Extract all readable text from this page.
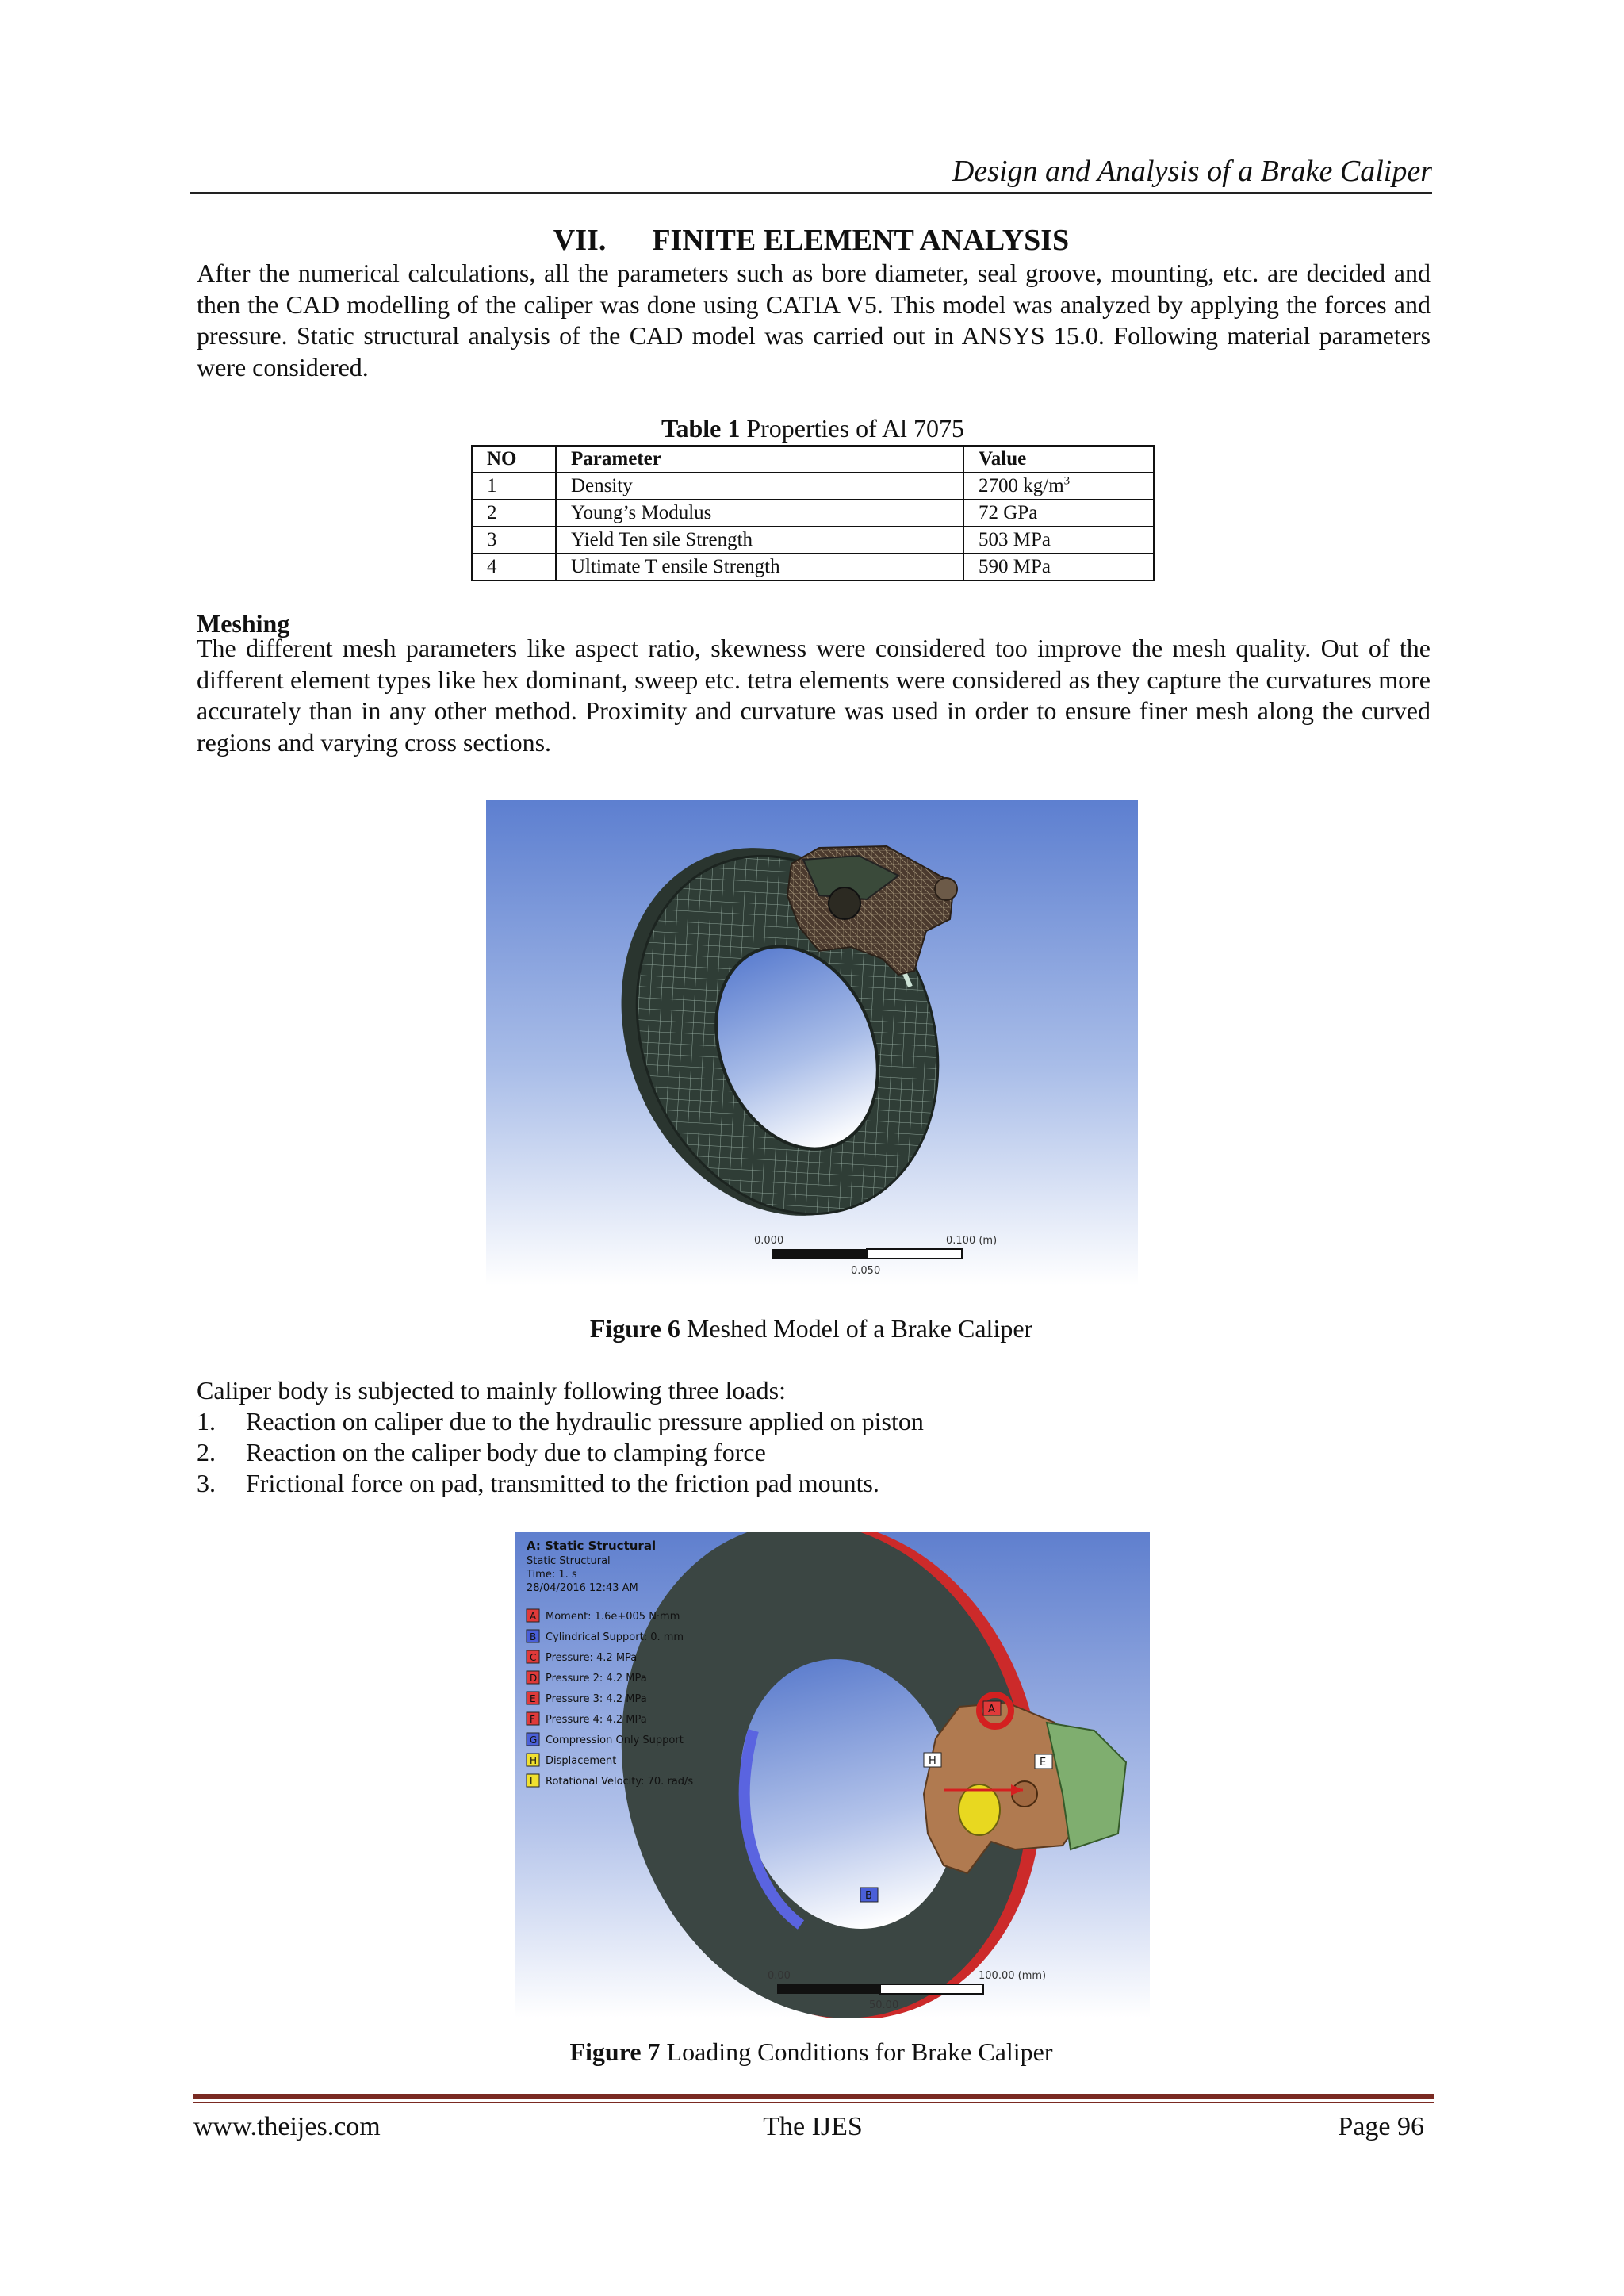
Design and Analysis of a Brake Caliper
VII. FINITE ELEMENT ANALYSIS
After the numerical calculations, all the parameters such as bore diameter, seal groove, mounting, etc. are decided and then the CAD modelling of the caliper was done using CATIA V5. This model was analyzed by applying the forces and pressure. Static structural analysis of the CAD model was carried out in ANSYS 15.0. Following material parameters were considered.
Table 1 Properties of Al 7075
NO	Parameter	Value
1	Density	2700 $kg/m^3$
2	Young’s Modulus	72 GPa
3	Yield Ten sile Strength	503 MPa
4	Ultimate T ensile Strength	590 MPa
Meshing
The different mesh parameters like aspect ratio, skewness were considered too improve the mesh quality. Out of the different element types like hex dominant, sweep etc. tetra elements were considered as they capture the curvatures more accurately than in any other method. Proximity and curvature was used in order to ensure finer mesh along the curved regions and varying cross sections.
0.000	0.100 (m)
0.050
Figure 6 Meshed Model of a Brake Caliper
Caliper body is subjected to mainly following three loads:
1. Reaction on caliper due to the hydraulic pressure applied on piston
2. Reaction on the caliper body due to clamping force
3. Frictional force on pad, transmitted to the friction pad mounts.
A: Static Structural
Static Structural
Time: 1. s
28/04/2016 12:43 AM
A Moment: 1.6e+005 N·mm
B Cylindrical Support: 0. mm
C Pressure: 4.2 MPa
D Pressure 2: 4.2 MPa
E Pressure 3: 4.2 MPa
F Pressure 4: 4.2 MPa
G Compression Only Support
H Displacement
I Rotational Velocity: 70. rad/s
A
B
H	E
0.00	100.00 (mm)
50.00
Figure 7 Loading Conditions for Brake Caliper
www.theijes.com	The IJES	Page 96
